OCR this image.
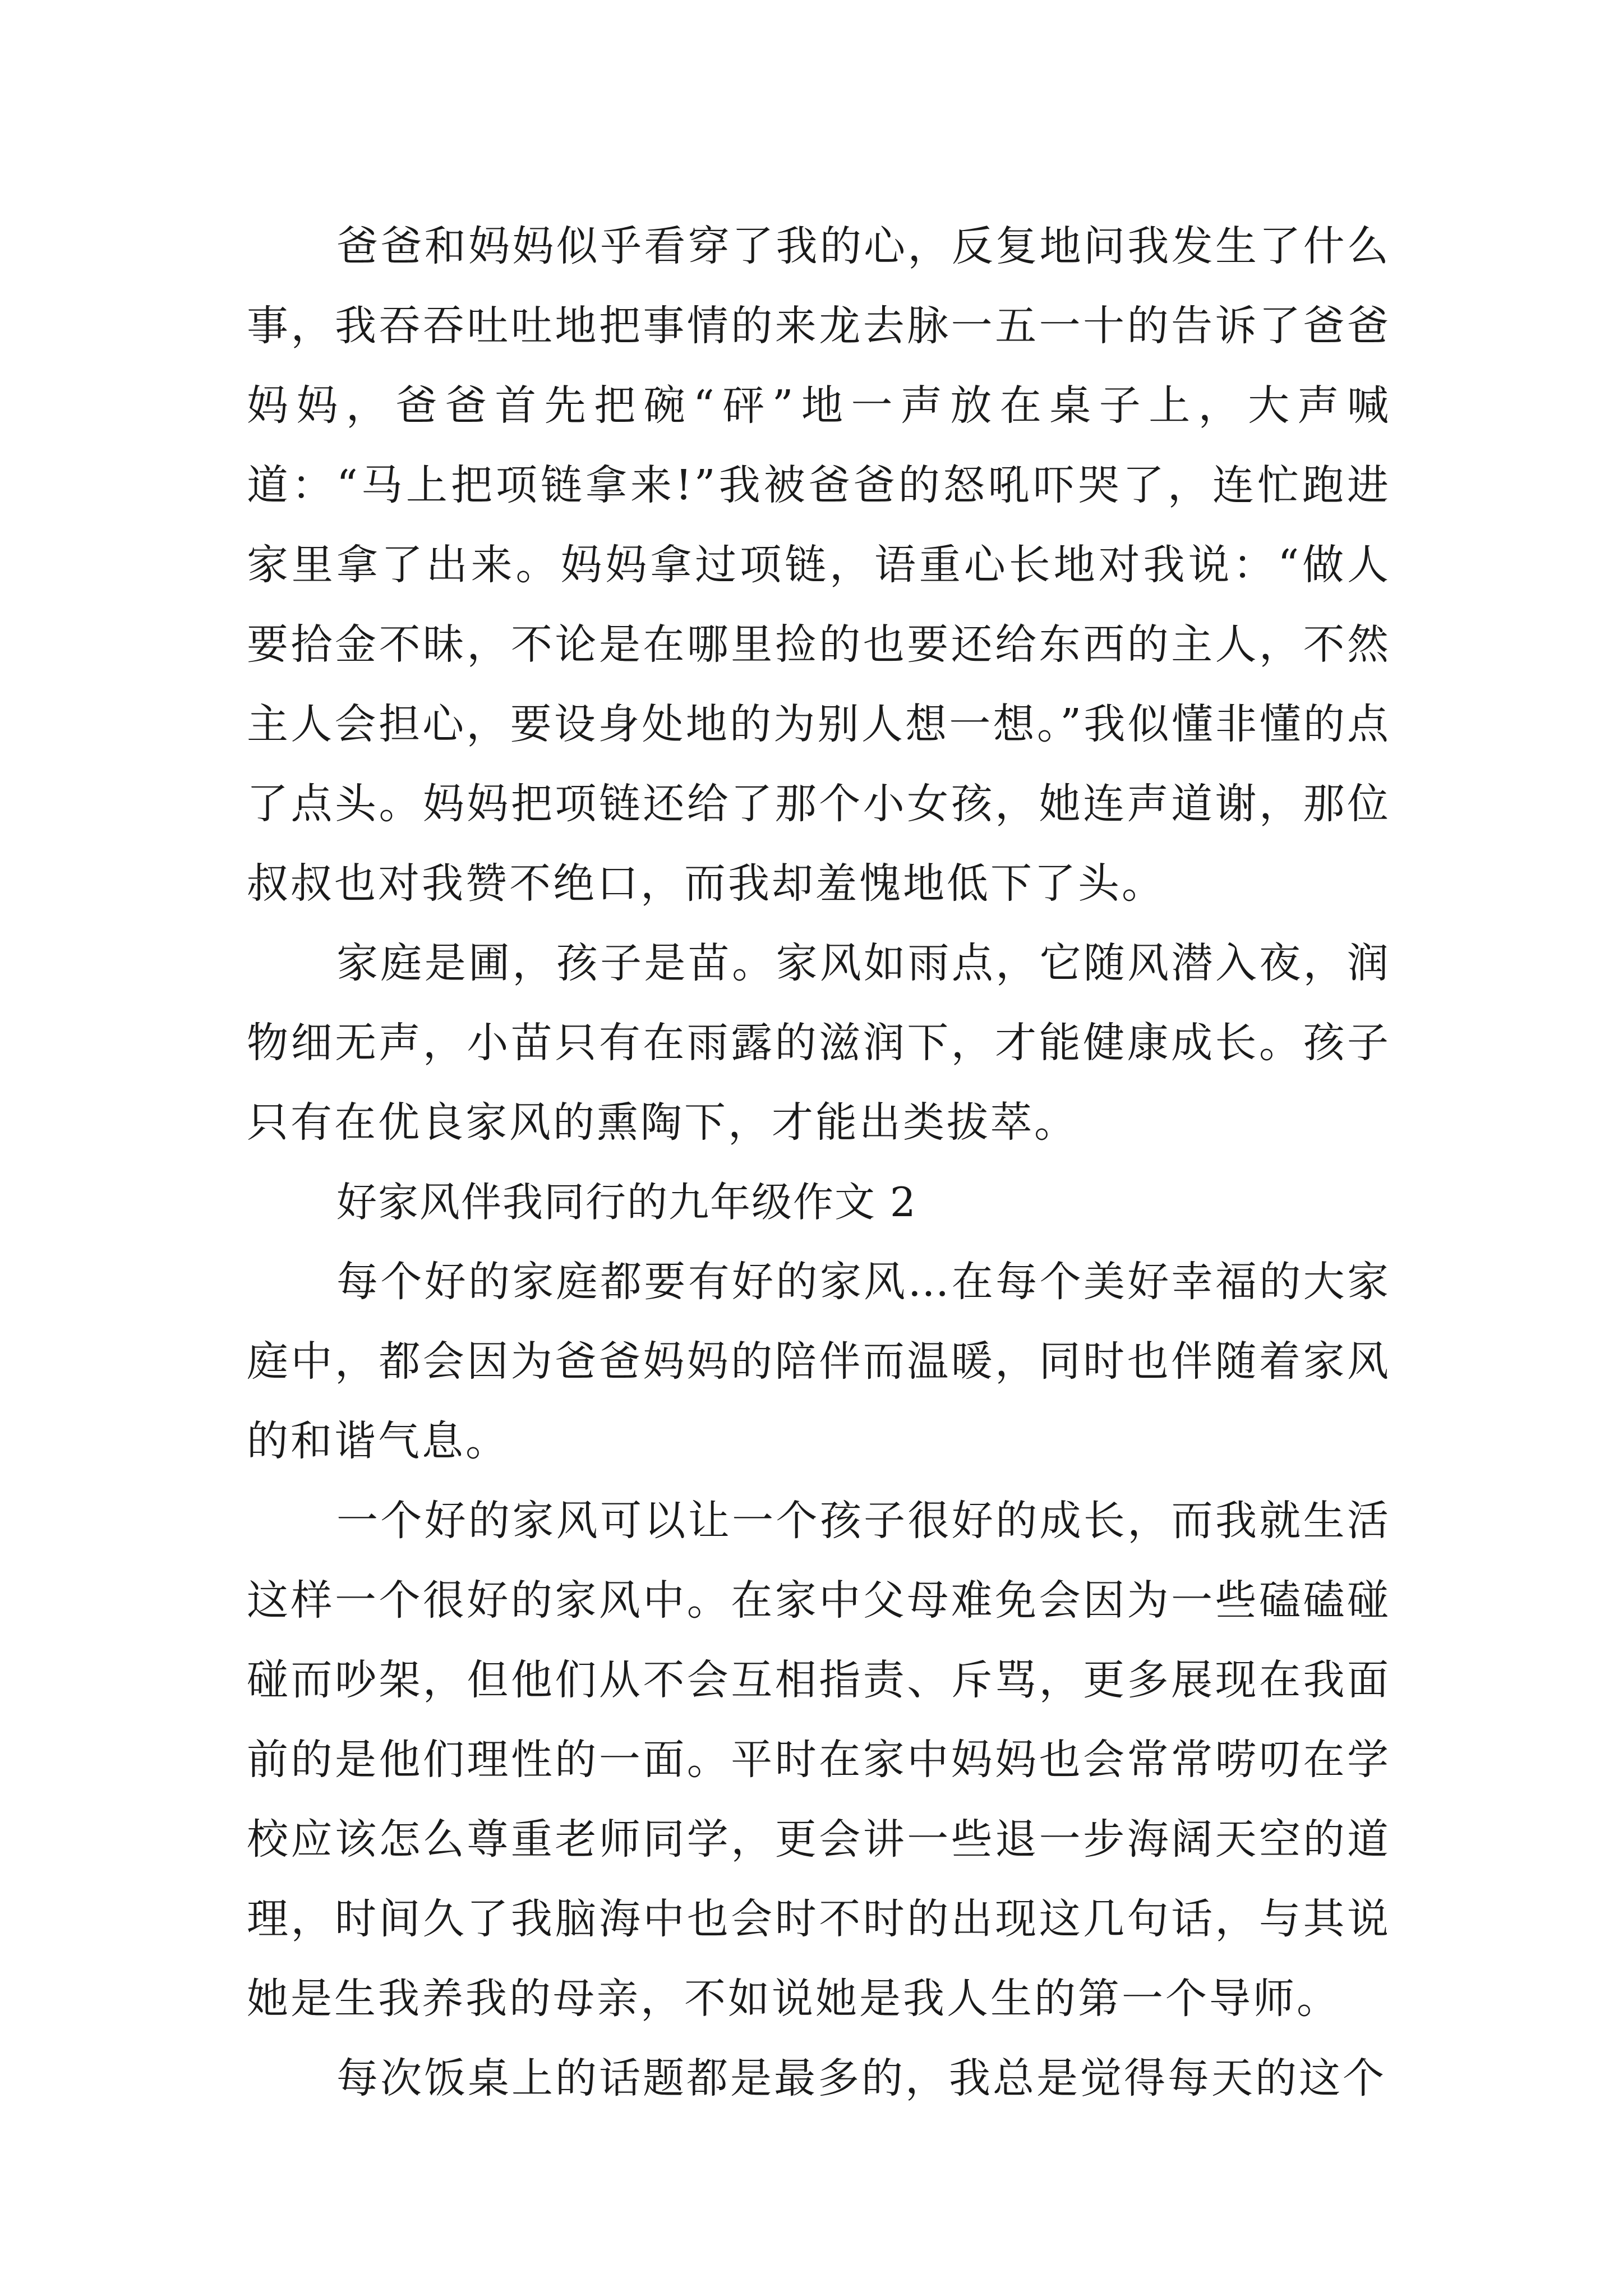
爸爸和妈妈似乎看穿了我的心，反复地问我发生了什么事，我吞吞吐吐地把事情的来龙去脉一五一十的告诉了爸爸妈妈，爸爸首先把碗“砰”地一声放在桌子上，大声喊道：“马上把项链拿来!”我被爸爸的怒吼吓哭了，连忙跑进家里拿了出来。妈妈拿过项链，语重心长地对我说：“做人要拾金不昧，不论是在哪里捡的也要还给东西的主人，不然主人会担心，要设身处地的为别人想一想。”我似懂非懂的点了点头。妈妈把项链还给了那个小女孩，她连声道谢，那位叔叔也对我赞不绝口，而我却羞愧地低下了头。

家庭是圃，孩子是苗。家风如雨点，它随风潜入夜，润物细无声，小苗只有在雨露的滋润下，才能健康成长。孩子只有在优良家风的熏陶下，才能出类拔萃。

好家风伴我同行的九年级作文 2

每个好的家庭都要有好的家风…在每个美好幸福的大家庭中，都会因为爸爸妈妈的陪伴而温暖，同时也伴随着家风的和谐气息。

一个好的家风可以让一个孩子很好的成长，而我就生活这样一个很好的家风中。在家中父母难免会因为一些磕磕碰碰而吵架，但他们从不会互相指责、斥骂，更多展现在我面前的是他们理性的一面。平时在家中妈妈也会常常唠叨在学校应该怎么尊重老师同学，更会讲一些退一步海阔天空的道理，时间久了我脑海中也会时不时的出现这几句话，与其说她是生我养我的母亲，不如说她是我人生的第一个导师。

每次饭桌上的话题都是最多的，我总是觉得每天的这个
